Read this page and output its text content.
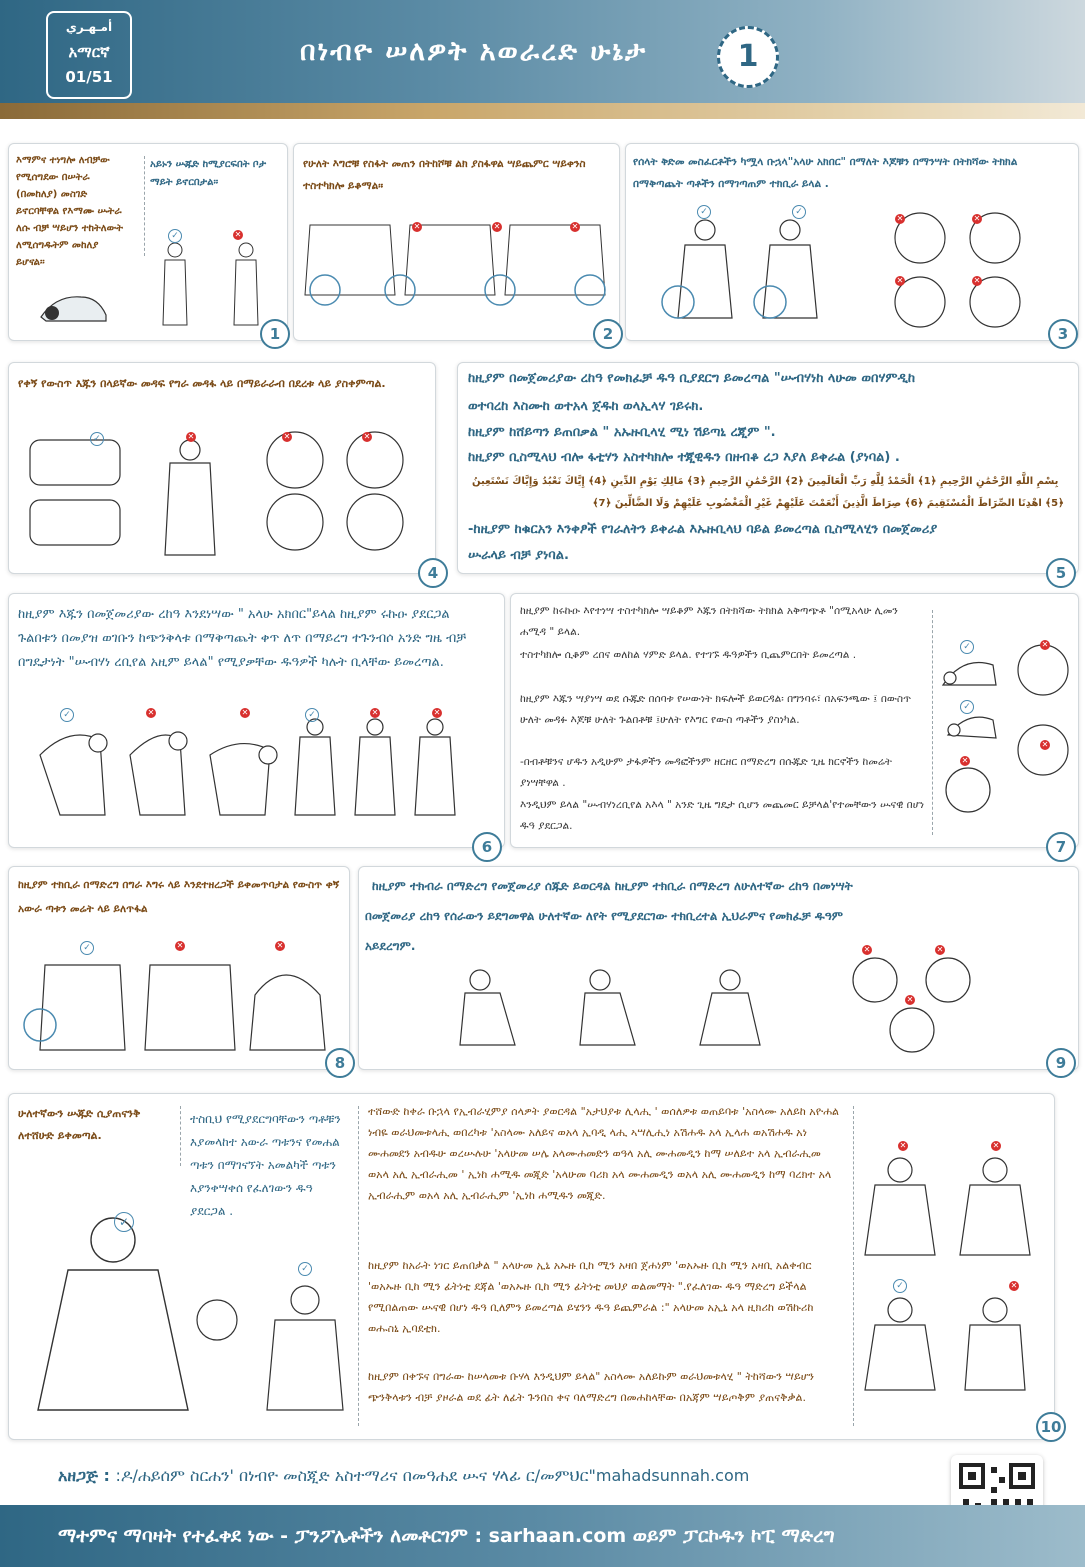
أمـهـري
አማርኛ
01/51
በነብዮ ሠለዎት አወራረድ ሁኔታ	1
እማምና ተነግሎ ለብቻው የሚሰግደው በሠትራ (በመከለያ) መስገድ ይኖርባቸዋል የእማሙ ሡትራ ለሱ ብቻ ሣይሆን ተከትለውት ለሚሰግዱትም መከለያ ይሆናል።
አይኑን ሡጁድ ከሚያርፍበት ቦታ ማይት ይኖርበታል።
✓	✕
1
የሁለት እግሮቹ የስፋት መጠን በትከሾቹ ልክ ያስፋዋል ሣይጨምር ሣይቀንስ ተስተካክሎ ይቆማል።
✕	✕	✕
2
የሰላት ቅድመ መስፈርቶችን ካሟላ ቡኋላ"አላሁ አክበር" በማለት እጆቹን በማንሣት በትክሻው ትክክል በማቅጣጨት ጣቶችን በማገጣጠም ተክቢራ ይላል .
✓	✓
✕	✕
✕	✕
3
የቀኝ የውስጥ እጁን በላይኛው መዳፍ የግራ መዳፋ ላይ በማይራራብ በደረቱ ላይ ያስቀምጣል.
✓	✕	✕	✕
4
ከዚያም በመጀመሪያው ረከዓ የመክፈቻ ዱዓ ቢያደርግ ይመረጣል "ሡብሃነከ ላሁመ ወበሃምዲከ
ወተባረከ እስሙከ ወተአላ ጀዱከ ወላኢላሃ ገይሩክ.
ከዚያም ከሸይጣን ይጠበቃል " አኡዙቢላሂ ሚነ ሽይጣኒ ረጂም ".
ከዚያም ቢስሚላህ ብሎ ፋቲሃን አስተካክሎ ተጂዊዱን በዘብቆ ረጋ እያለ ይቀራል (ያነባል) .
بِسْمِ اللَّهِ الرَّحْمَٰنِ الرَّحِيمِ ﴿1﴾ الْحَمْدُ لِلَّهِ رَبِّ الْعَالَمِينَ ﴿2﴾ الرَّحْمَٰنِ الرَّحِيمِ ﴿3﴾ مَالِكِ يَوْمِ الدِّينِ ﴿4﴾ إِيَّاكَ نَعْبُدُ وَإِيَّاكَ نَسْتَعِينُ
﴿5﴾ اهْدِنَا الصِّرَاطَ الْمُسْتَقِيمَ ﴿6﴾ صِرَاطَ الَّذِينَ أَنْعَمْتَ عَلَيْهِمْ غَيْرِ الْمَغْضُوبِ عَلَيْهِمْ وَلَا الضَّالِّينَ ﴿7﴾
-ከዚያም ከቁርአን እንቀፆች የገራለትን ይቀራል እኡዙቢላህ ባይል ይመረጣል ቢስሚላሂን በመጀመሪያ
ሡራላይ ብቻ ያነባል.
5
ከዚያም እጁን በመጀመሪያው ረከዓ እንደነሣው " አላሁ አክበር"ይላል ከዚያም ሩኩዑ ያደርጋል ጉልበቱን በመያዝ ወገቡን ከጭንቅላቱ በማቅጣጨት ቀጥ ለጥ በማይረግ ተጉንብሶ አንድ ግዜ ብቻ በግዴታነት "ሡብሃነ ረቢየል አዚም ይላል" የሚያቃቸው ዱዓዎች ካሉት ቢላቸው ይመረጣል.
✓	✕	✕	✓	✕	✕
6
ከዚያም ከሩኩዑ እየተነሣ ተስተካክሎ ሣይቆም እጁን በትክሻው ትክክል አቅጣጭቶ "ሰሚአላሁ ሊመን ሐሚዳ " ይላል.
ተስተካክሎ ሲቆም ረበና ወለከል ሃምድ ይላል. የተገኙ ዱዓዎችን ቢጨምርበት ይመረጣል .
ከዚያም እጁን ሣያነሣ ወደ ሱጁድ በሰባቱ የሠውነት ክፍሎች ይወርዳል፡ በግንባሩ፣ በአፍንጫው ፤ በውስጥ ሁለት መዳፉ እጆቹ ሁለት ጉልበቶቹ ፤ሁለት የእግር የውስ ጣቶችን ያስነካል.
-በብቶቹንና ሆዱን አዲሁም ታፋዎችን መዳፎችንም ዘርዘር በማድረግ በሱጁድ ጊዜ ክርኖችን ከመሬት ያነሣቸዋል .
እንዲህም ይላል "ሡብሃነረቢየል አእላ " አንድ ጊዜ ግዴታ ሲሆን መጨመር ይቻላል'የተመቸውን ሡናዊ በሆነ ዱዓ ያደርጋል.
✓	✕
✓
✕
✕
7
ከዚያም ተክቢራ በማድረግ በግራ እግሩ ላይ እንደተዘረጋች ይቀመጥባታል የውስጥ ቀኝ አውራ ጣቱን መሬት ላይ ይለጥፋል
✓	✕	✕
8
ከዚያም ተክብራ በማድረግ የመጀመሪያ ሰጁድ ይወርዳል ከዚያም ተክቢራ በማድረግ ለሁለተኛው ረከዓ በመነሣት
በመጀመሪያ ረከዓ የሰራውን ይደግመዋል ሁለተኛው ለየት የሚያደርገው ተክቢረተል ኢህራምና የመክፈቻ ዱዓም
አይደረግም.	✕	✕
✕
9
ሁለተኛውን ሡጁድ ሲያጠናንቅ ለተሸሁድ ይቀመጣል.
ተስቢህ የሚያደርግባቸውን ጣቶቹን እያመላከተ አውራ ጣቱንና የመሐል ጣቱን በማገናኘት አመልካች ጣቱን እያንቀሣቀሰ የፈለገውን ዱዓ ያደርጋል .
ተሸውድ ከቀራ ቡኋላ የኢብራሂምያ ሰላዎት ያወርዳል "አታህያቱ ሊላሒ ' ወሰለዎቱ ወጠይባቱ 'አስላሙ አለይከ አዮሐል ነብዬ ወራህመቱላሒ ወበረካቱ 'አስላሙ አለይና ወአላ ኢባዲ ላሒ ኣሣሊሒነ አሽሐዱ አላ ኢላሐ ወአሽሐዱ አነ ሙሐመደን አብዱሁ ወረሡሉሁ 'አላሁመ ሠሌ አላሙሐመድን ወዓላ አሊ ሙሐመዲን ከማ ሠለይተ አላ ኢብራሒመ ወአላ አሊ ኢብራሒመ ' ኢነከ ሐሚዱ መጂድ 'አላሁመ ባሪክ አላ ሙሐመዲን ወአላ አሊ ሙሐመዲን ከማ ባረክተ አላ ኢብራሒም ወአላ አሊ ኢብራሒም 'ኢነከ ሐሚዱን መጂድ.
ከዚያም ከአራት ነገር ይጠበቃል " አላሁመ ኢኒ አኡዙ ቢከ ሚን አዛበ ጀሐነም 'ወአኡዙ ቢከ ሚን አዛቢ አልቀብር 'ወአኡዙ ቢከ ሚን ፊትነቲ ደጃል 'ወአኡዙ ቢከ ሚን ፊትነቲ መህያ ወልመማት ".የፈለገው ዱዓ ማድረግ ይችላል የሚበልጠው ሡናዊ በሆነ ዱዓ ቢለምን ይመረጣል ይሄንን ዱዓ ይጨምራል :" አላሁመ አኢኒ አላ ዚክሪከ ወሽኩሪከ ወሑስኒ ኢባደቲክ.
ከዚያም በቀኙና በግራው ከሠላመቱ ቡሃላ እንዲህም ይላል" አስላሙ አለይኩም ወራህመቱላሂ " ትከሻውን ሣይሆን ጭንቅላቱን ብቻ ያዞራል ወደ ፊት ለፊት ጉንበስ ቀና ባለማድረግ በመሐከላቸው በአጃም ሣይጦቅም ያጠናቅቃል.
✓
✓
✕	✕
✓	✕
10
አዘጋጅ : :ዶ/ሐይሰም ስርሐን' በነብዮ መስጂድ አስተማሪና በመዓሐደ ሡና ሃላፊ ር/መምህር"mahadsunnah.com
ማተምና ማባዛት የተፈቀደ ነው - ፓንፖሌቶችን ለመቶርገም : sarhaan.com ወይም ፓርኮዱን ኮፒ ማድረግ
